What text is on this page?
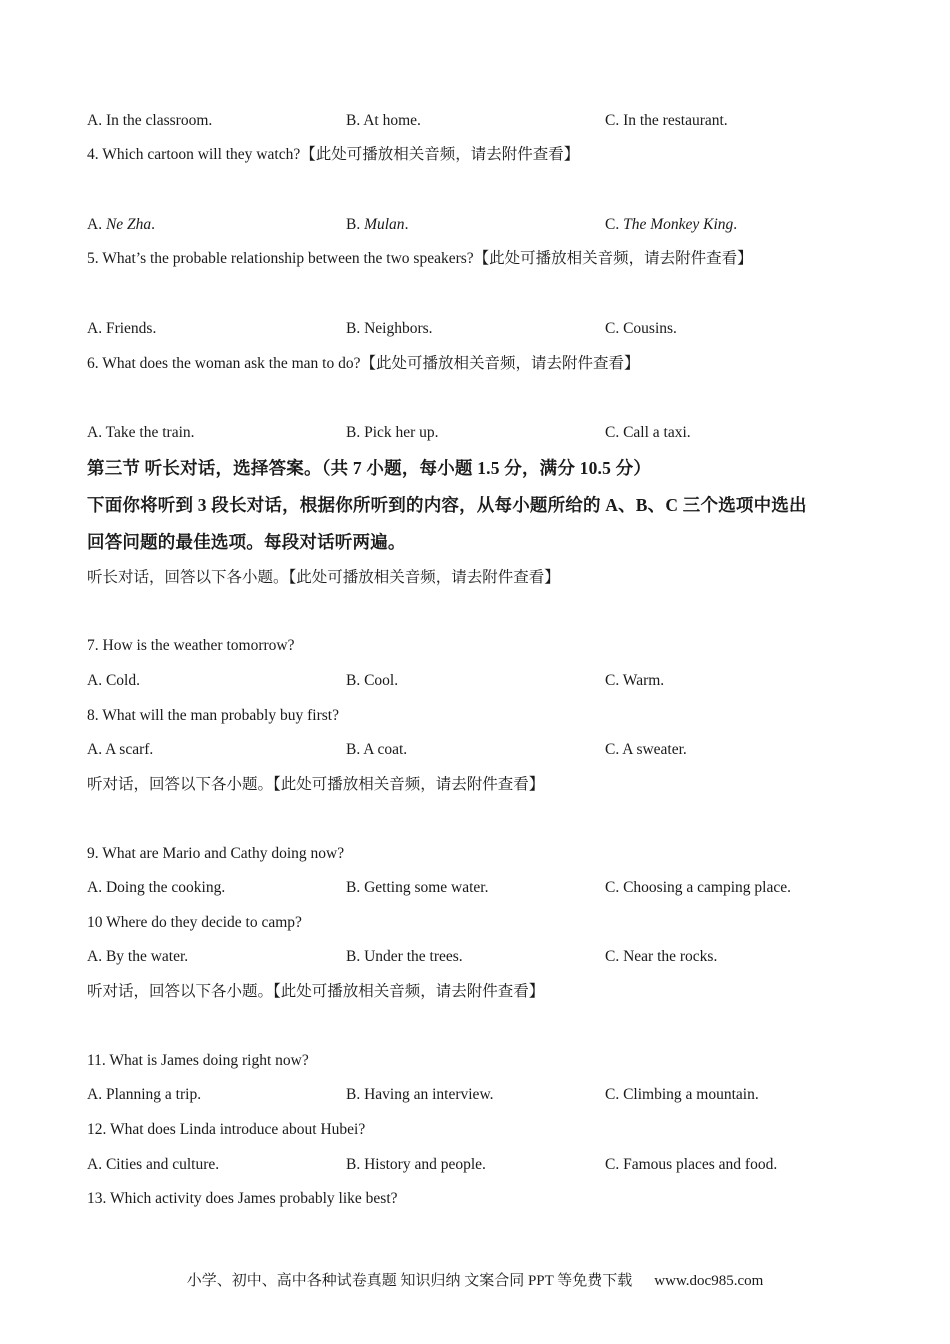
A. In the classroom.	B. At home.	C. In the restaurant.
4. Which cartoon will they watch?【此处可播放相关音频，请去附件查看】
A. Ne Zha.	B. Mulan.	C. The Monkey King.
5. What’s the probable relationship between the two speakers?【此处可播放相关音频，请去附件查看】
A. Friends.	B. Neighbors.	C. Cousins.
6. What does the woman ask the man to do?【此处可播放相关音频，请去附件查看】
A. Take the train.	B. Pick her up.	C. Call a taxi.
第三节 听长对话，选择答案。（共 7 小题，每小题 1.5 分，满分 10.5 分）
下面你将听到 3 段长对话，根据你所听到的内容，从每小题所给的 A、B、C 三个选项中选出
回答问题的最佳选项。每段对话听两遍。
听长对话，回答以下各小题。【此处可播放相关音频，请去附件查看】
7. How is the weather tomorrow?
A. Cold.	B. Cool.	C. Warm.
8. What will the man probably buy first?
A. A scarf.	B. A coat.	C. A sweater.
听对话，回答以下各小题。【此处可播放相关音频，请去附件查看】
9. What are Mario and Cathy doing now?
A. Doing the cooking.	B. Getting some water.	C. Choosing a camping place.
10 Where do they decide to camp?
A. By the water.	B. Under the trees.	C. Near the rocks.
听对话，回答以下各小题。【此处可播放相关音频，请去附件查看】
11. What is James doing right now?
A. Planning a trip.	B. Having an interview.	C. Climbing a mountain.
12. What does Linda introduce about Hubei?
A. Cities and culture.	B. History and people.	C. Famous places and food.
13. Which activity does James probably like best?
小学、初中、高中各种试卷真题 知识归纳 文案合同 PPT 等免费下载 www.doc985.com
